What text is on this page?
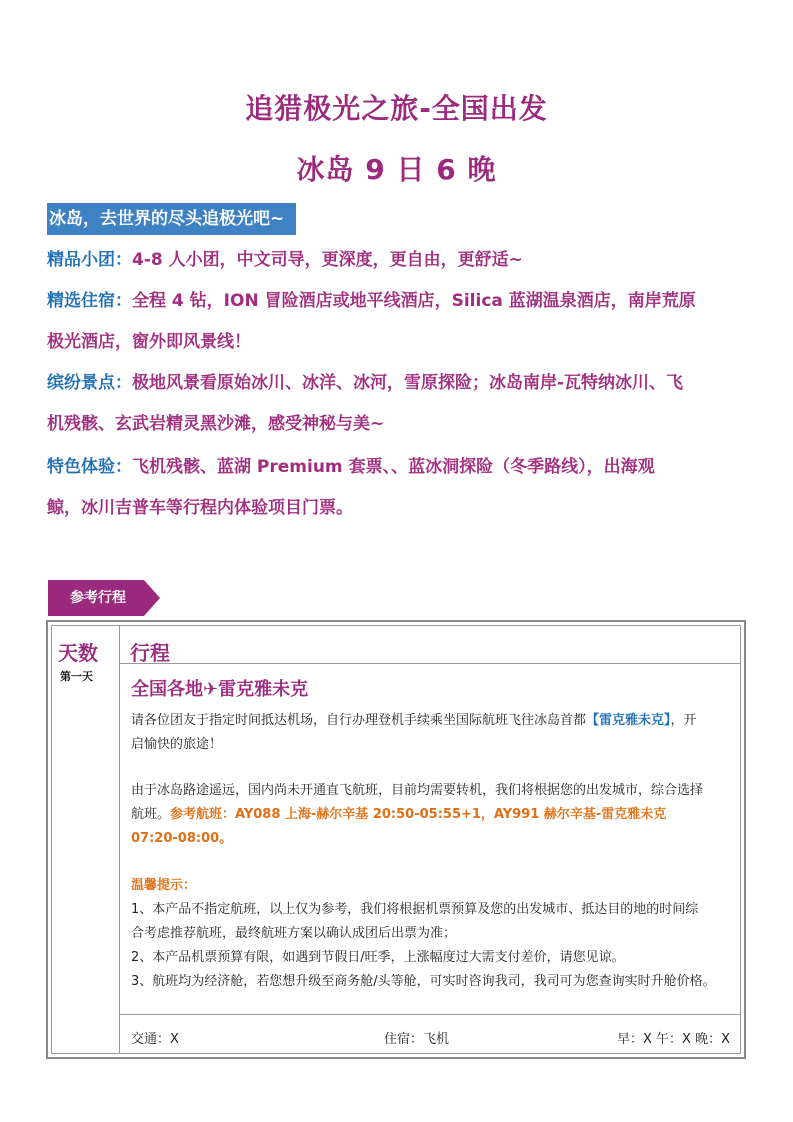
追猎极光之旅-全国出发
冰岛 9 日 6 晚
冰岛，去世界的尽头追极光吧~
精品小团：4-8 人小团，中文司导，更深度，更自由，更舒适~
精选住宿：全程 4 钻，ION 冒险酒店或地平线酒店，Silica 蓝湖温泉酒店，南岸荒原
极光酒店，窗外即风景线！
缤纷景点：极地风景看原始冰川、冰洋、冰河，雪原探险；冰岛南岸-瓦特纳冰川、飞
机残骸、玄武岩精灵黑沙滩，感受神秘与美~
特色体验：飞机残骸、蓝湖 Premium 套票、、蓝冰洞探险（冬季路线），出海观
鲸，冰川吉普车等行程内体验项目门票。
参考行程
天数 行程
第一天
全国各地✈雷克雅未克
请各位团友于指定时间抵达机场，自行办理登机手续乘坐国际航班飞往冰岛首都【雷克雅未克】，开
启愉快的旅途！
由于冰岛路途遥远，国内尚未开通直飞航班，目前均需要转机，我们将根据您的出发城市，综合选择
航班。参考航班：AY088 上海-赫尔辛基 20:50-05:55+1，AY991 赫尔辛基-雷克雅未克
07:20-08:00。
温馨提示：
1、本产品不指定航班，以上仅为参考，我们将根据机票预算及您的出发城市、抵达目的地的时间综
合考虑推荐航班，最终航班方案以确认成团后出票为准；
2、本产品机票预算有限，如遇到节假日/旺季，上涨幅度过大需支付差价，请您见谅。
3、航班均为经济舱，若您想升级至商务舱/头等舱，可实时咨询我司，我司可为您查询实时升舱价格。
交通：X	住宿：飞机	早：X 午：X 晚：X
